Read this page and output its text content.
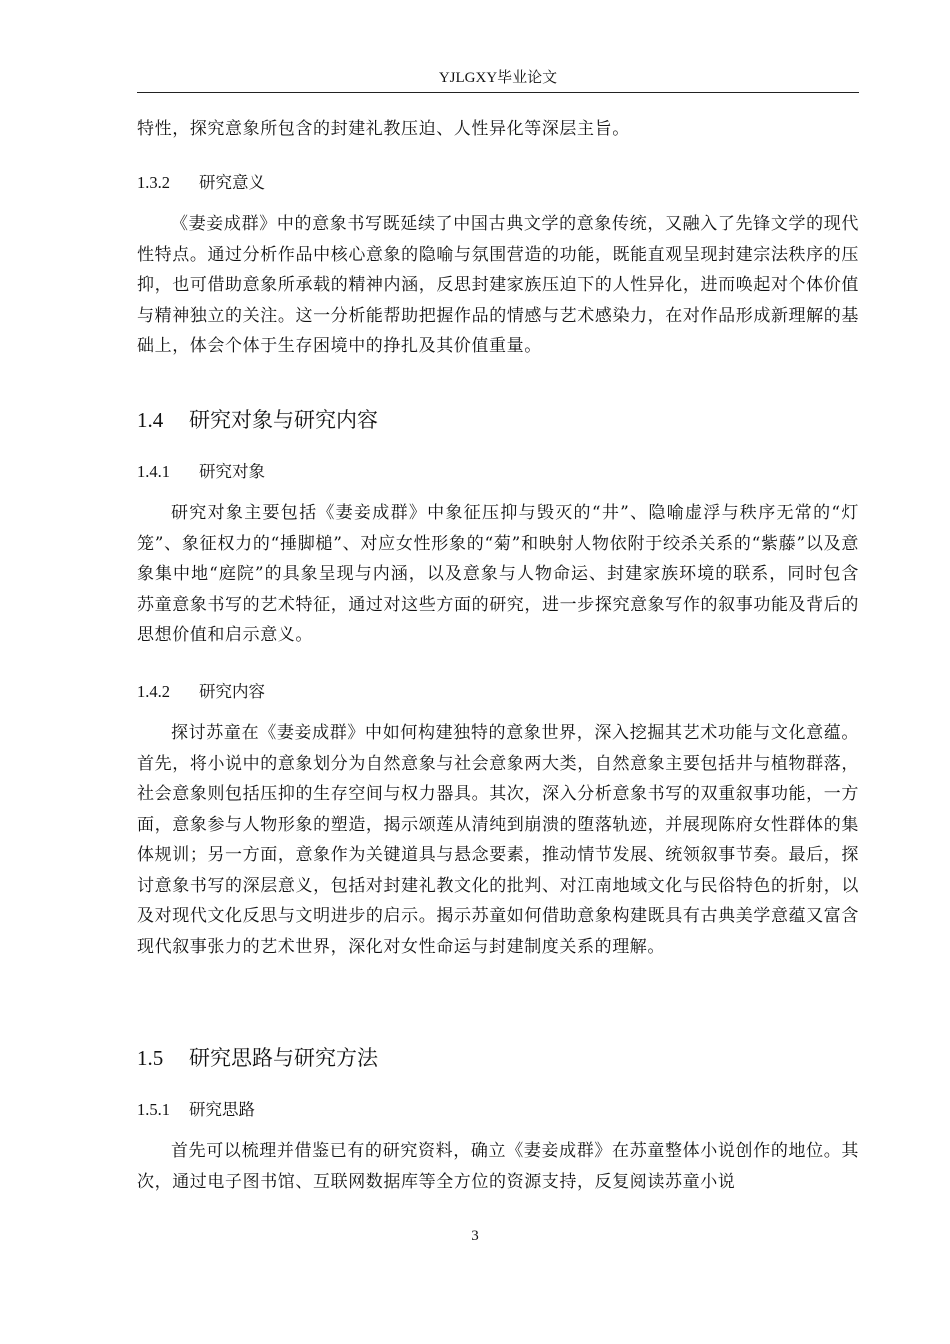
YJLGXY毕业论文
特性，探究意象所包含的封建礼教压迫、人性异化等深层主旨。
1.3.2 研究意义
《妻妾成群》中的意象书写既延续了中国古典文学的意象传统，又融入了先锋文学的现代性特点。通过分析作品中核心意象的隐喻与氛围营造的功能，既能直观呈现封建宗法秩序的压抑，也可借助意象所承载的精神内涵，反思封建家族压迫下的人性异化，进而唤起对个体价值与精神独立的关注。这一分析能帮助把握作品的情感与艺术感染力，在对作品形成新理解的基础上，体会个体于生存困境中的挣扎及其价值重量。
1.4 研究对象与研究内容
1.4.1 研究对象
研究对象主要包括《妻妾成群》中象征压抑与毁灭的“井”、隐喻虚浮与秩序无常的“灯笼”、象征权力的“捶脚槌”、对应女性形象的“菊”和映射人物依附于绞杀关系的“紫藤”以及意象集中地“庭院”的具象呈现与内涵，以及意象与人物命运、封建家族环境的联系，同时包含苏童意象书写的艺术特征，通过对这些方面的研究，进一步探究意象写作的叙事功能及背后的思想价值和启示意义。
1.4.2 研究内容
探讨苏童在《妻妾成群》中如何构建独特的意象世界，深入挖掘其艺术功能与文化意蕴。首先，将小说中的意象划分为自然意象与社会意象两大类，自然意象主要包括井与植物群落，社会意象则包括压抑的生存空间与权力器具。其次，深入分析意象书写的双重叙事功能，一方面，意象参与人物形象的塑造，揭示颂莲从清纯到崩溃的堕落轨迹，并展现陈府女性群体的集体规训；另一方面，意象作为关键道具与悬念要素，推动情节发展、统领叙事节奏。最后，探讨意象书写的深层意义，包括对封建礼教文化的批判、对江南地域文化与民俗特色的折射，以及对现代文化反思与文明进步的启示。揭示苏童如何借助意象构建既具有古典美学意蕴又富含现代叙事张力的艺术世界，深化对女性命运与封建制度关系的理解。
1.5 研究思路与研究方法
1.5.1 研究思路
首先可以梳理并借鉴已有的研究资料，确立《妻妾成群》在苏童整体小说创作的地位。其次，通过电子图书馆、互联网数据库等全方位的资源支持，反复阅读苏童小说
3
